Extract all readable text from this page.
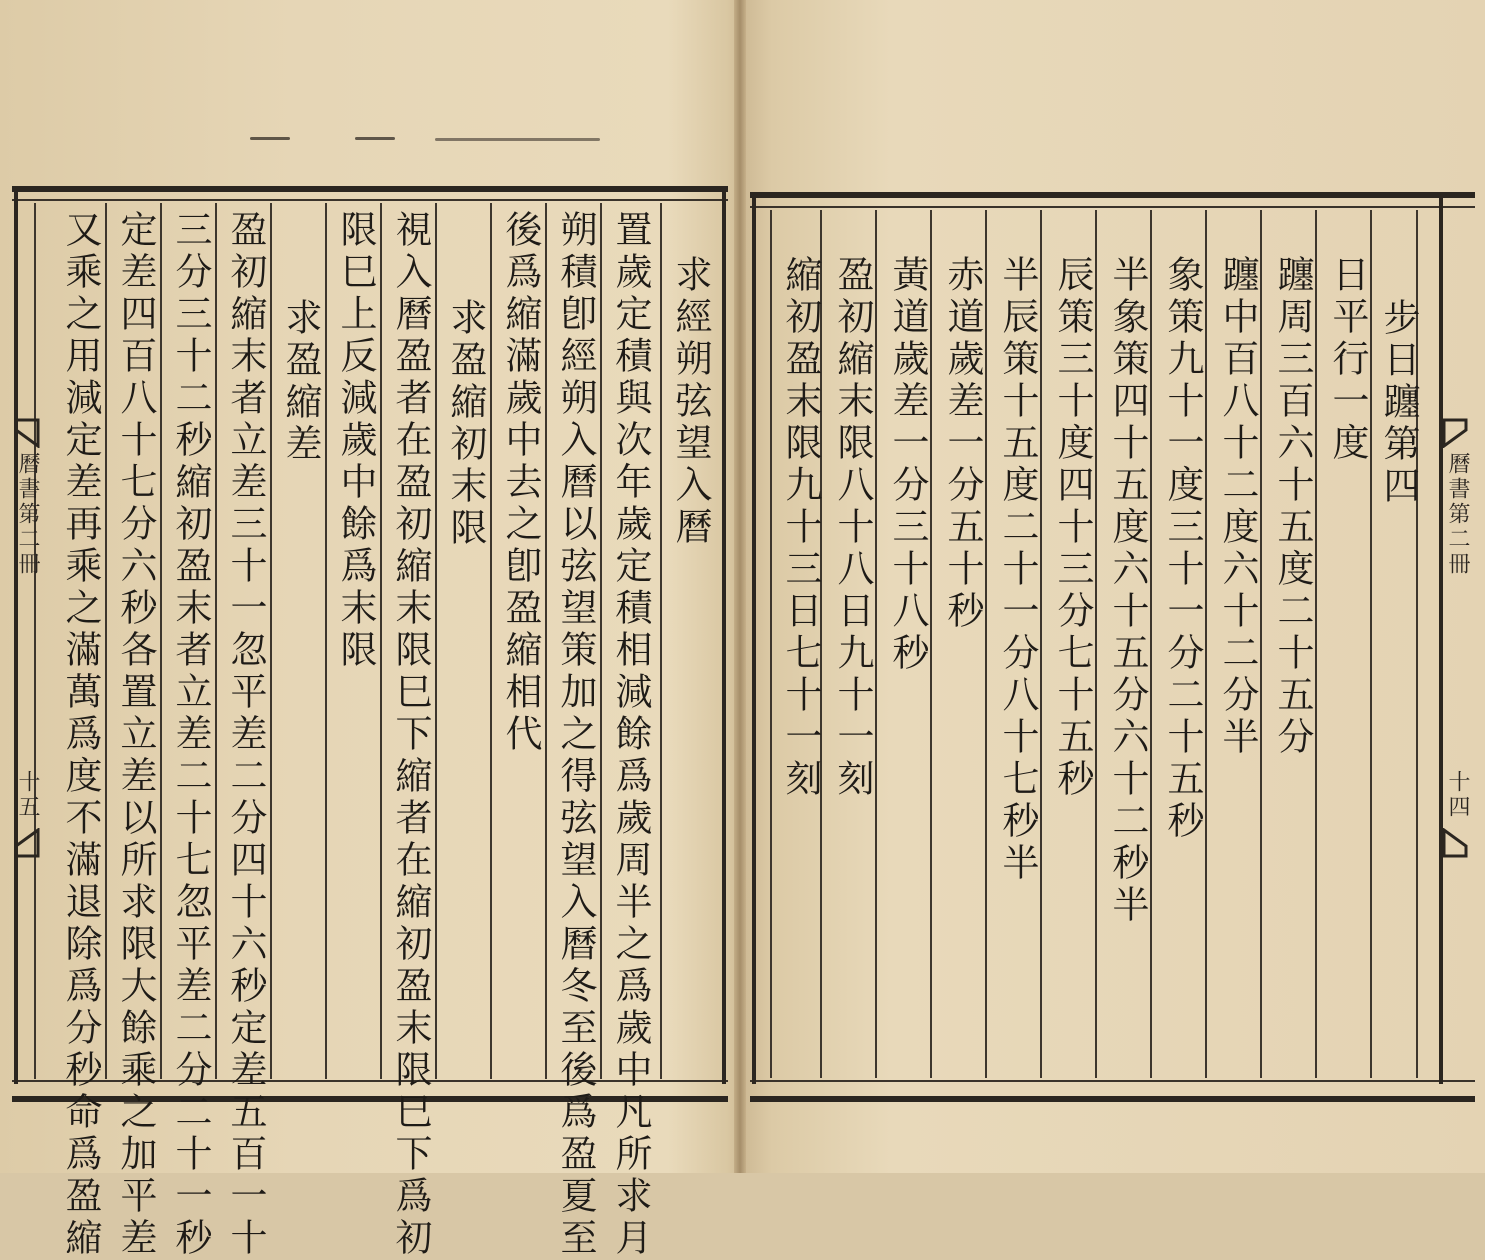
求經朔弦望入曆
置歲定積與次年歲定積相減餘爲歲周半之爲歲中凡所求月
朔積卽經朔入曆以弦望策加之得弦望入曆冬至後爲盈夏至
後爲縮滿歲中去之卽盈縮相代
求盈縮初末限
視入曆盈者在盈初縮末限巳下縮者在縮初盈末限巳下爲初
限巳上反減歲中餘爲末限
求盈縮差
盈初縮末者立差三十一忽平差二分四十六秒定差五百一十
三分三十二秒縮初盈末者立差二十七忽平差二分二十一秒
定差四百八十七分六秒各置立差以所求限大餘乘之加平差
又乘之用減定差再乘之滿萬爲度不滿退除爲分秒命爲盈縮
曆書第二冊
十五
步日躔第四
日平行一度
躔周三百六十五度二十五分
躔中百八十二度六十二分半
象策九十一度三十一分二十五秒
半象策四十五度六十五分六十二秒半
辰策三十度四十三分七十五秒
半辰策十五度二十一分八十七秒半
赤道歲差一分五十秒
黃道歲差一分三十八秒
盈初縮末限八十八日九十一刻
縮初盈末限九十三日七十一刻	曆書第二冊
十四
